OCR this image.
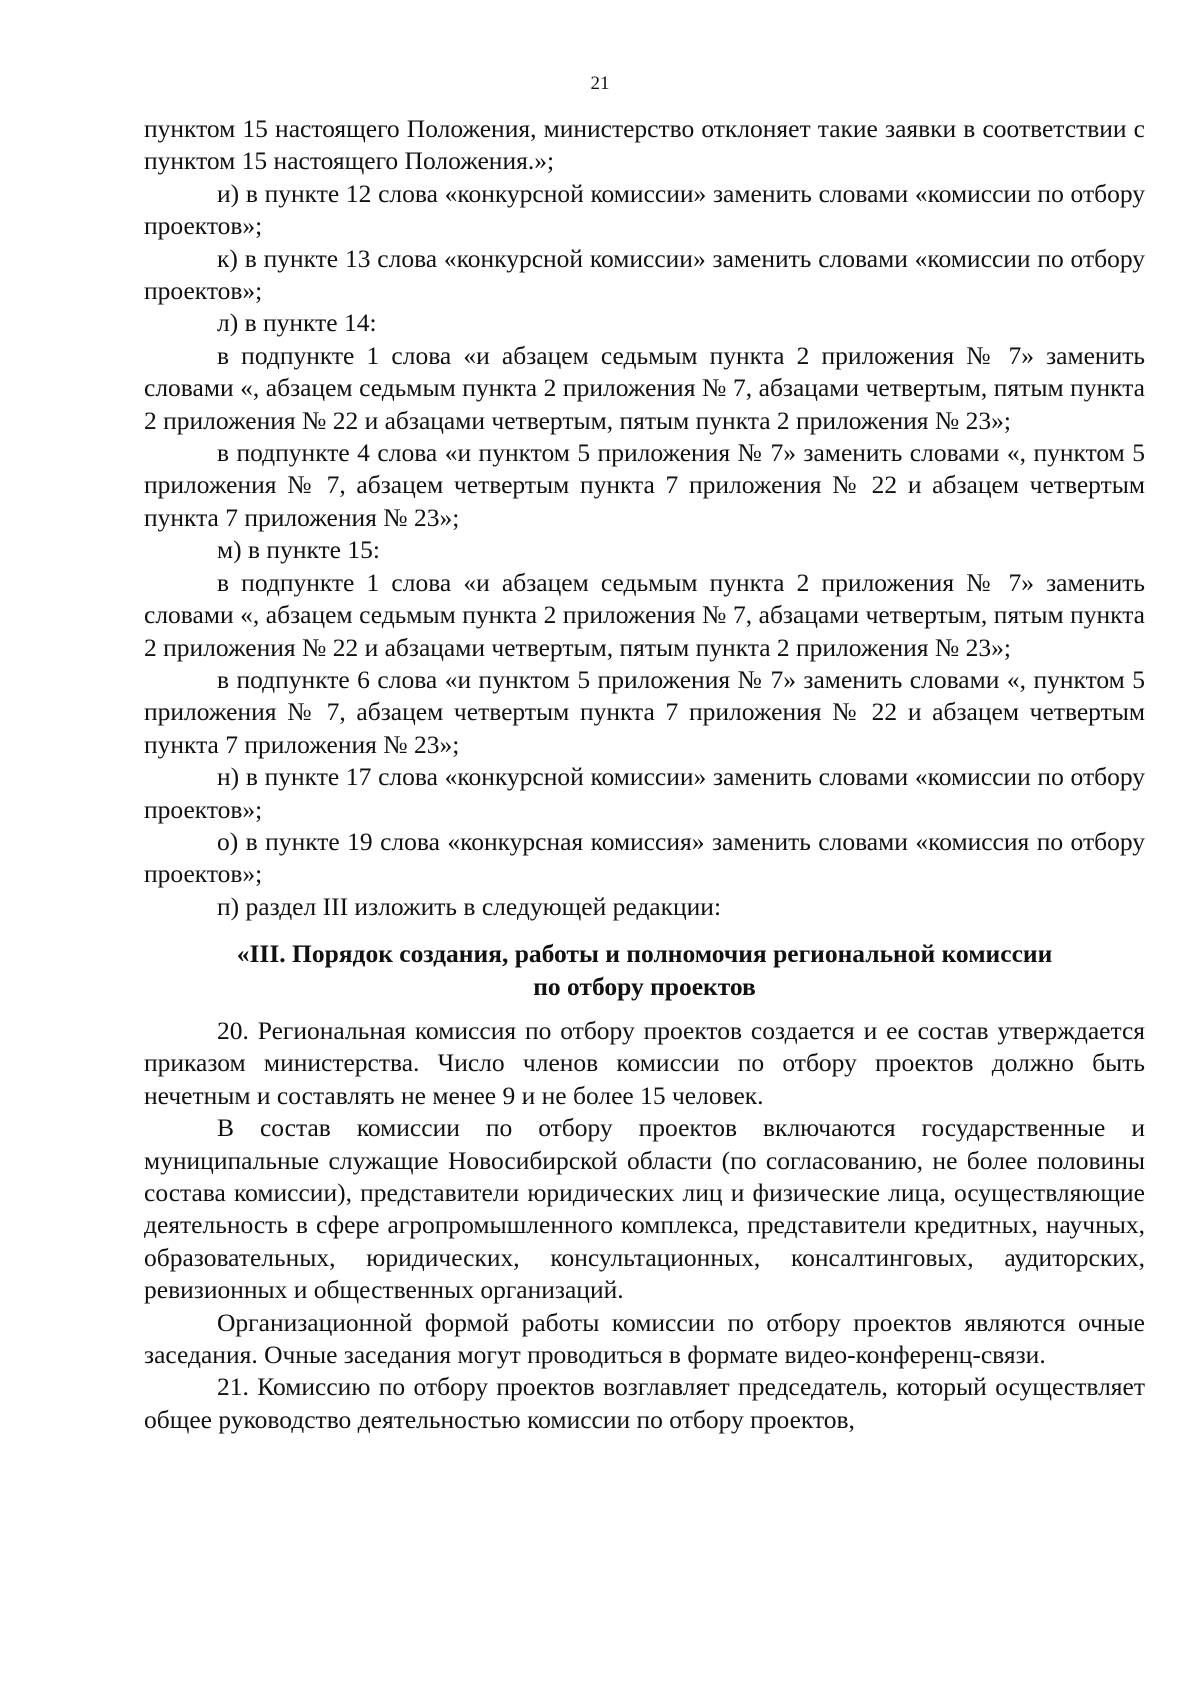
21

пунктом 15 настоящего Положения, министерство отклоняет такие заявки в соответствии с пунктом 15 настоящего Положения.»;

и) в пункте 12 слова «конкурсной комиссии» заменить словами «комиссии по отбору проектов»;

к) в пункте 13 слова «конкурсной комиссии» заменить словами «комиссии по отбору проектов»;

л) в пункте 14:

в подпункте 1 слова «и абзацем седьмым пункта 2 приложения № 7» заменить словами «, абзацем седьмым пункта 2 приложения № 7, абзацами четвертым, пятым пункта 2 приложения № 22 и абзацами четвертым, пятым пункта 2 приложения № 23»;

в подпункте 4 слова «и пунктом 5 приложения № 7» заменить словами «, пунктом 5 приложения № 7, абзацем четвертым пункта 7 приложения № 22 и абзацем четвертым пункта 7 приложения № 23»;

м) в пункте 15:

в подпункте 1 слова «и абзацем седьмым пункта 2 приложения № 7» заменить словами «, абзацем седьмым пункта 2 приложения № 7, абзацами четвертым, пятым пункта 2 приложения № 22 и абзацами четвертым, пятым пункта 2 приложения № 23»;

в подпункте 6 слова «и пунктом 5 приложения № 7» заменить словами «, пунктом 5 приложения № 7, абзацем четвертым пункта 7 приложения № 22 и абзацем четвертым пункта 7 приложения № 23»;

н) в пункте 17 слова «конкурсной комиссии» заменить словами «комиссии по отбору проектов»;

о) в пункте 19 слова «конкурсная комиссия» заменить словами «комиссия по отбору проектов»;

п) раздел III изложить в следующей редакции:

«III. Порядок создания, работы и полномочия региональной комиссии

по отбору проектов

20. Региональная комиссия по отбору проектов создается и ее состав утверждается приказом министерства. Число членов комиссии по отбору проектов должно быть нечетным и составлять не менее 9 и не более 15 человек.

В состав комиссии по отбору проектов включаются государственные и муниципальные служащие Новосибирской области (по согласованию, не более половины состава комиссии), представители юридических лиц и физические лица, осуществляющие деятельность в сфере агропромышленного комплекса, представители кредитных, научных, образовательных, юридических, консультационных, консалтинговых, аудиторских, ревизионных и общественных организаций.

Организационной формой работы комиссии по отбору проектов являются очные заседания. Очные заседания могут проводиться в формате видео-конференц-связи.

21. Комиссию по отбору проектов возглавляет председатель, который осуществляет общее руководство деятельностью комиссии по отбору проектов,
